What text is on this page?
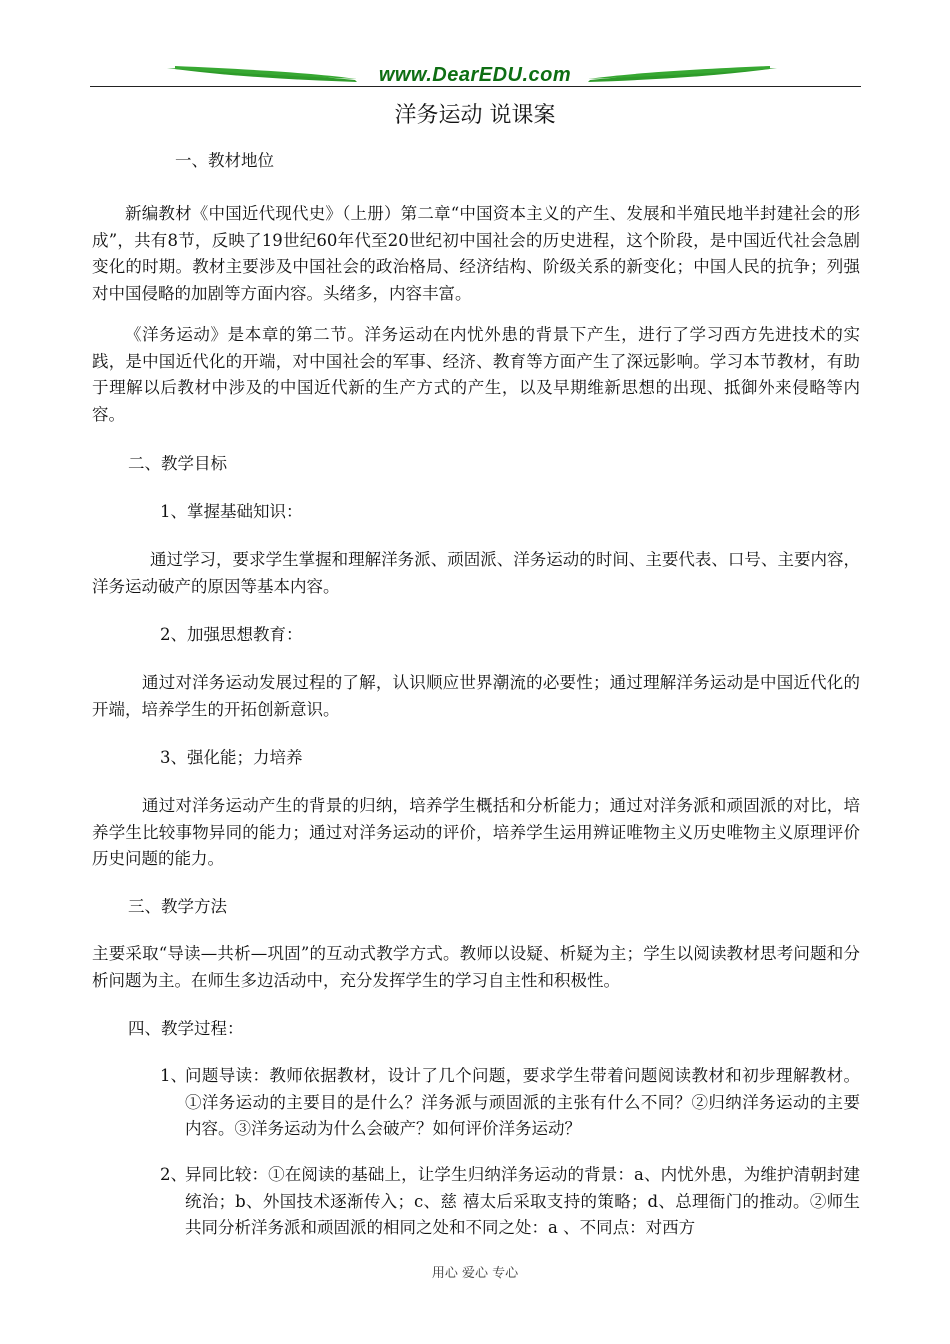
www.DearEDU.com
洋务运动 说课案

一、教材地位

新编教材《中国近代现代史》（上册）第二章“中国资本主义的产生、发展和半殖民地半封建社会的形成”，共有8节，反映了19世纪60年代至20世纪初中国社会的历史进程，这个阶段，是中国近代社会急剧变化的时期。教材主要涉及中国社会的政治格局、经济结构、阶级关系的新变化；中国人民的抗争；列强对中国侵略的加剧等方面内容。头绪多，内容丰富。

《洋务运动》是本章的第二节。洋务运动在内忧外患的背景下产生，进行了学习西方先进技术的实践，是中国近代化的开端，对中国社会的军事、经济、教育等方面产生了深远影响。学习本节教材，有助于理解以后教材中涉及的中国近代新的生产方式的产生，以及早期维新思想的出现、抵御外来侵略等内容。

二、教学目标

1、掌握基础知识：

通过学习，要求学生掌握和理解洋务派、顽固派、洋务运动的时间、主要代表、口号、主要内容，洋务运动破产的原因等基本内容。

2、加强思想教育：

通过对洋务运动发展过程的了解，认识顺应世界潮流的必要性；通过理解洋务运动是中国近代化的开端，培养学生的开拓创新意识。

3、强化能；力培养

通过对洋务运动产生的背景的归纳，培养学生概括和分析能力；通过对洋务派和顽固派的对比，培养学生比较事物异同的能力；通过对洋务运动的评价，培养学生运用辨证唯物主义历史唯物主义原理评价历史问题的能力。

三、教学方法

主要采取“导读—共析—巩固”的互动式教学方式。教师以设疑、析疑为主；学生以阅读教材思考问题和分析问题为主。在师生多边活动中，充分发挥学生的学习自主性和积极性。

四、教学过程：

1、
问题导读：教师依据教材，设计了几个问题，要求学生带着问题阅读教材和初步理解教材。①洋务运动的主要目的是什么？洋务派与顽固派的主张有什么不同？②归纳洋务运动的主要内容。③洋务运动为什么会破产？如何评价洋务运动？
2、
异同比较：①在阅读的基础上，让学生归纳洋务运动的背景：a、内忧外患，为维护清朝封建统治；b、外国技术逐渐传入；c、慈 禧太后采取支持的策略；d、总理衙门的推动。②师生共同分析洋务派和顽固派的相同之处和不同之处：a 、不同点：对西方
用心 爱心 专心
